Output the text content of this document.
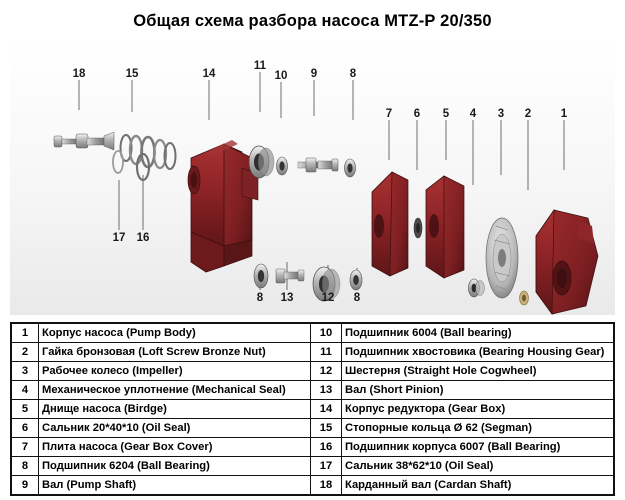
Общая схема разбора насоса MTZ-P 20/350
18	15	14
11
10	9	8
7	6	5	4	3	2	1
17 16
8	13 12	8
1	Корпус насоса (Pump Body)	10	Подшипник 6004 (Ball bearing)
2	Гайка бронзовая (Loft Screw Bronze Nut)	11	Подшипник хвостовика (Bearing Housing Gear)
3	Рабочее колесо (Impeller)	12	Шестерня (Straight Hole Cogwheel)
4	Механическое уплотнение (Mechanical Seal)	13	Вал (Short Pinion)
5	Днище насоса (Birdge)	14	Корпус редуктора (Gear Box)
6	Сальник 20*40*10 (Oil Seal)	15	Стопорные кольца Ø 62 (Segman)
7	Плита насоса (Gear Box Cover)	16	Подшипник корпуса 6007 (Ball Bearing)
8	Подшипник 6204 (Ball Bearing)	17	Сальник 38*62*10 (Oil Seal)
9	Вал (Pump Shaft)	18	Карданный вал (Cardan Shaft)
